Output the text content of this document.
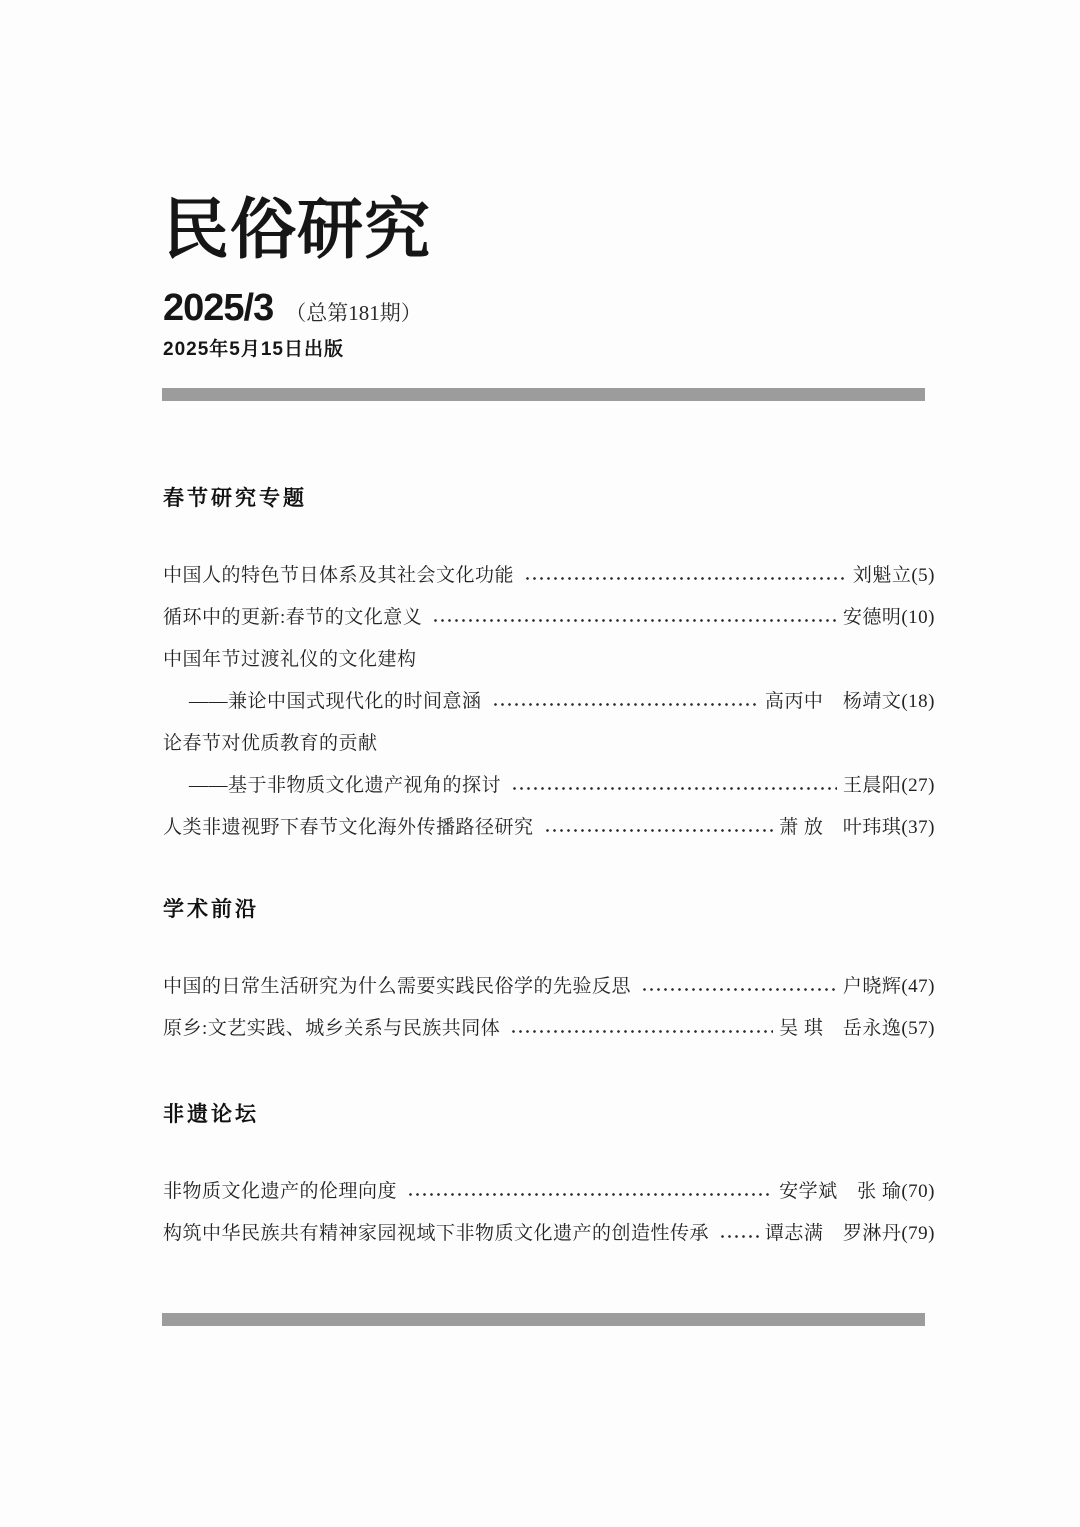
民俗研究
2025/3 （总第181期）
2025年5月15日出版
春节研究专题
中国人的特色节日体系及其社会文化功能	刘魁立 (5)
循环中的更新:春节的文化意义	安德明 (10)
中国年节过渡礼仪的文化建构
——兼论中国式现代化的时间意涵	高丙中　杨靖文 (18)
论春节对优质教育的贡献
——基于非物质文化遗产视角的探讨	王晨阳 (27)
人类非遗视野下春节文化海外传播路径研究	萧 放　叶玮琪 (37)
学术前沿
中国的日常生活研究为什么需要实践民俗学的先验反思	户晓辉 (47)
原乡:文艺实践、城乡关系与民族共同体	吴 琪　岳永逸 (57)
非遗论坛
非物质文化遗产的伦理向度	安学斌　张 瑜 (70)
构筑中华民族共有精神家园视域下非物质文化遗产的创造性传承	谭志满　罗淋丹 (79)
